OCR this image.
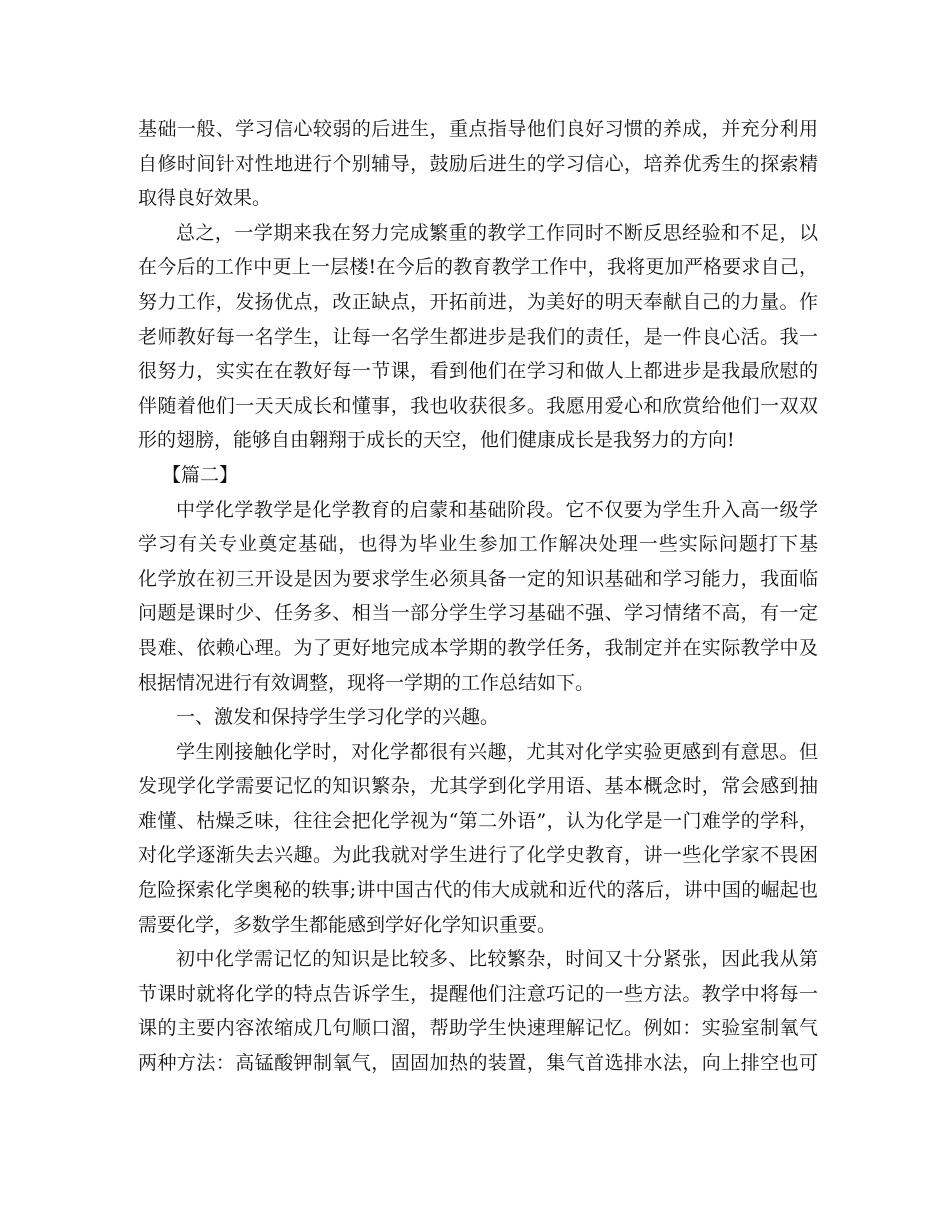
基础一般、学习信心较弱的后进生，重点指导他们良好习惯的养成，并充分利用
自修时间针对性地进行个别辅导，鼓励后进生的学习信心，培养优秀生的探索精
取得良好效果。
总之，一学期来我在努力完成繁重的教学工作同时不断反思经验和不足，以
在今后的工作中更上一层楼!在今后的教育教学工作中，我将更加严格要求自己，
努力工作，发扬优点，改正缺点，开拓前进，为美好的明天奉献自己的力量。作
老师教好每一名学生，让每一名学生都进步是我们的责任，是一件良心活。我一
很努力，实实在在教好每一节课，看到他们在学习和做人上都进步是我最欣慰的
伴随着他们一天天成长和懂事，我也收获很多。我愿用爱心和欣赏给他们一双双
形的翅膀，能够自由翱翔于成长的天空，他们健康成长是我努力的方向!
【篇二】
中学化学教学是化学教育的启蒙和基础阶段。它不仅要为学生升入高一级学
学习有关专业奠定基础，也得为毕业生参加工作解决处理一些实际问题打下基
化学放在初三开设是因为要求学生必须具备一定的知识基础和学习能力，我面临
问题是课时少、任务多、相当一部分学生学习基础不强、学习情绪不高，有一定
畏难、依赖心理。为了更好地完成本学期的教学任务，我制定并在实际教学中及
根据情况进行有效调整，现将一学期的工作总结如下。
一、激发和保持学生学习化学的兴趣。
学生刚接触化学时，对化学都很有兴趣，尤其对化学实验更感到有意思。但
发现学化学需要记忆的知识繁杂，尤其学到化学用语、基本概念时，常会感到抽
难懂、枯燥乏味，往往会把化学视为“第二外语”，认为化学是一门难学的学科，
对化学逐渐失去兴趣。为此我就对学生进行了化学史教育，讲一些化学家不畏困
危险探索化学奥秘的轶事;讲中国古代的伟大成就和近代的落后，讲中国的崛起也
需要化学，多数学生都能感到学好化学知识重要。
初中化学需记忆的知识是比较多、比较繁杂，时间又十分紧张，因此我从第
节课时就将化学的特点告诉学生，提醒他们注意巧记的一些方法。教学中将每一
课的主要内容浓缩成几句顺口溜，帮助学生快速理解记忆。例如：实验室制氧气
两种方法：高锰酸钾制氧气，固固加热的装置，集气首选排水法，向上排空也可
